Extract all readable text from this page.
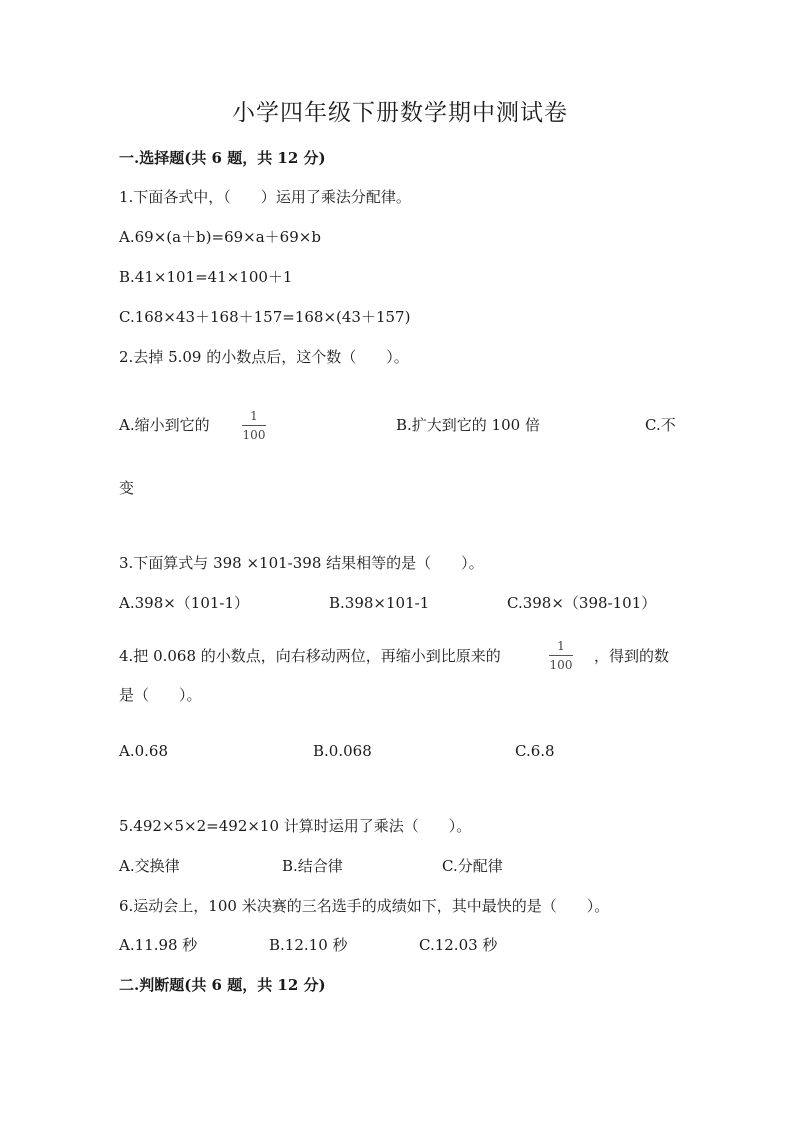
小学四年级下册数学期中测试卷
一.选择题(共 6 题，共 12 分)
1.下面各式中，（　　）运用了乘法分配律。
A.69×(a＋b)=69×a＋69×b
B.41×101=41×100＋1
C.168×43＋168＋157=168×(43＋157)
2.去掉 5.09 的小数点后，这个数（　　）。
A.缩小到它的	1
100
B.扩大到它的 100 倍	C.不
变
3.下面算式与 398 ×101-398 结果相等的是（　　）。
A.398×（101-1）	B.398×101-1	C.398×（398-101）
4.把 0.068 的小数点，向右移动两位，再缩小到比原来的
1
100 ，得到的数
是（　　）。
A.0.68	B.0.068	C.6.8
5.492×5×2=492×10 计算时运用了乘法（　　）。
A.交换律	B.结合律	C.分配律
6.运动会上，100 米决赛的三名选手的成绩如下，其中最快的是（　　）。
A.11.98 秒	B.12.10 秒	C.12.03 秒
二.判断题(共 6 题，共 12 分)
